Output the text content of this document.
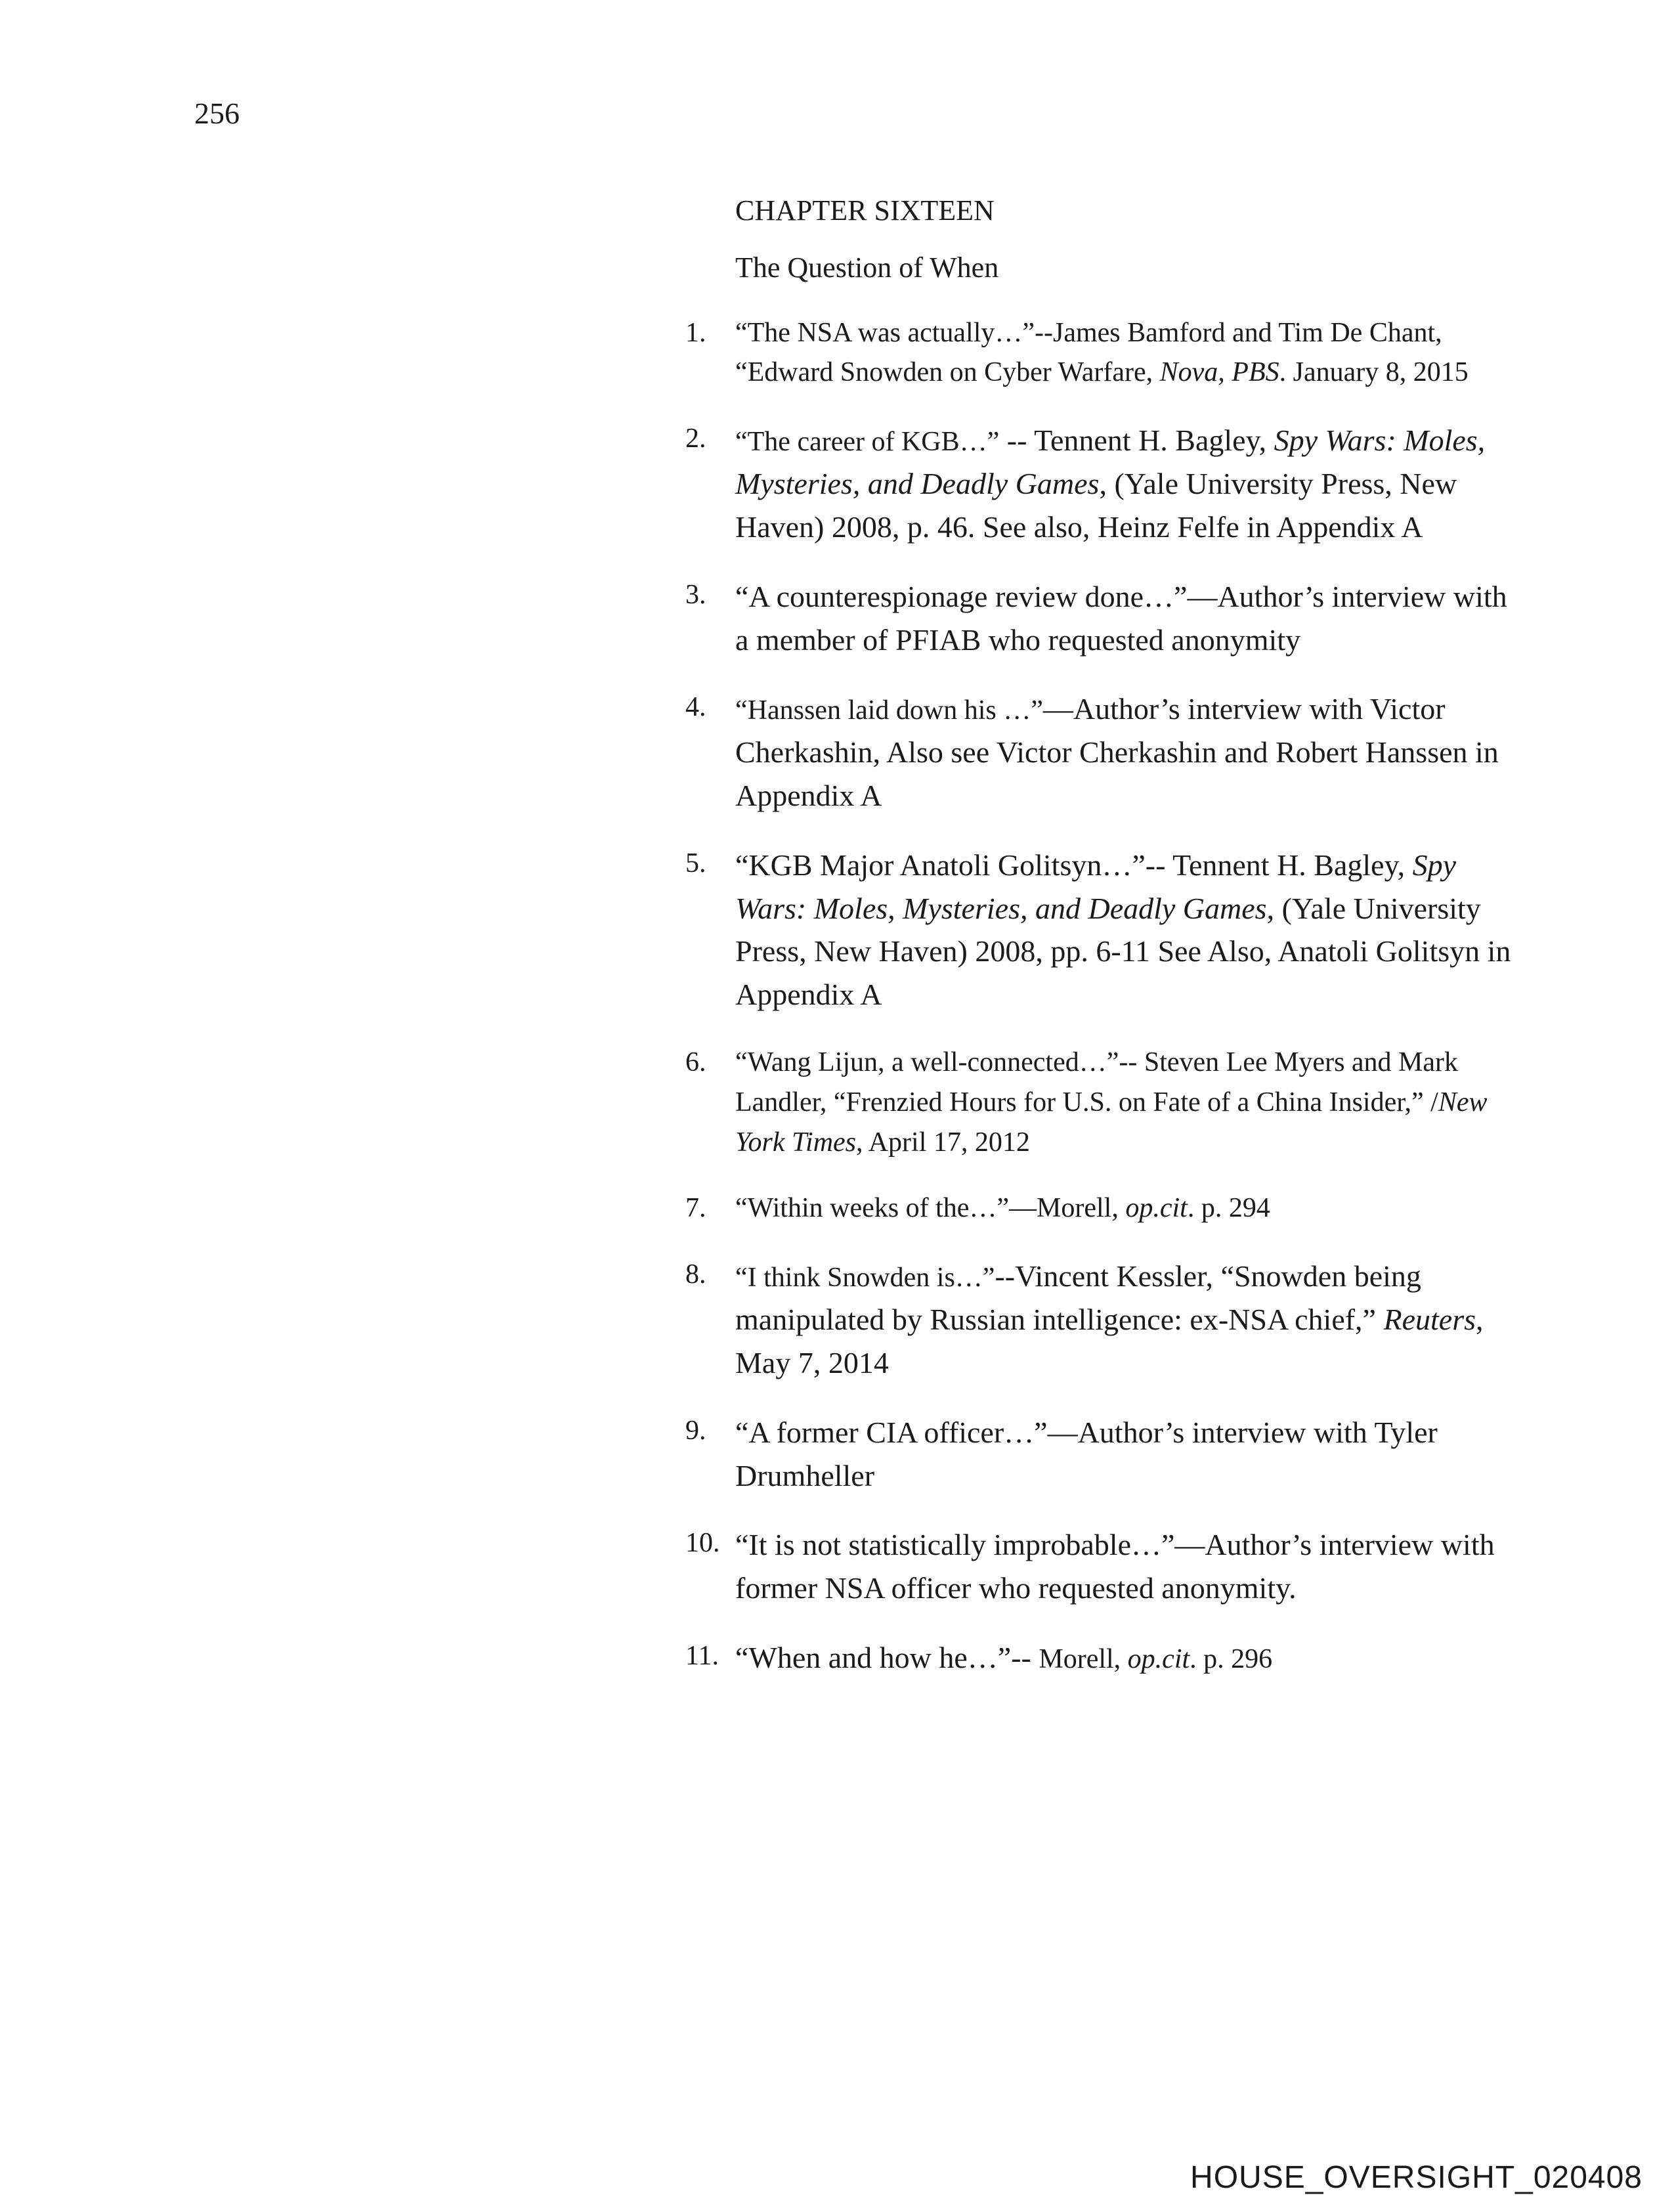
256
CHAPTER SIXTEEN
The Question of When
1. “The NSA was actually…”--James Bamford and Tim De Chant, “Edward Snowden on Cyber Warfare, Nova, PBS. January 8, 2015
2. “The career of KGB…” -- Tennent H. Bagley, Spy Wars: Moles, Mysteries, and Deadly Games, (Yale University Press, New Haven) 2008, p. 46. See also, Heinz Felfe in Appendix A
3. “A counterespionage review done…”—Author’s interview with a member of PFIAB who requested anonymity
4. “Hanssen laid down his …”—Author’s interview with Victor Cherkashin, Also see Victor Cherkashin and Robert Hanssen in Appendix A
5. “KGB Major Anatoli Golitsyn…”-- Tennent H. Bagley, Spy Wars: Moles, Mysteries, and Deadly Games, (Yale University Press, New Haven) 2008, pp. 6-11 See Also, Anatoli Golitsyn in Appendix A
6. “Wang Lijun, a well-connected…”-- Steven Lee Myers and Mark Landler, “Frenzied Hours for U.S. on Fate of a China Insider,” /New York Times, April 17, 2012
7. “Within weeks of the…”—Morell, op.cit. p. 294
8. “I think Snowden is…”--Vincent Kessler, “Snowden being manipulated by Russian intelligence: ex-NSA chief,” Reuters, May 7, 2014
9. “A former CIA officer…”—Author’s interview with Tyler Drumheller
10. “It is not statistically improbable…”—Author’s interview with former NSA officer who requested anonymity.
11. “When and how he…”-- Morell, op.cit. p. 296
HOUSE_OVERSIGHT_020408
